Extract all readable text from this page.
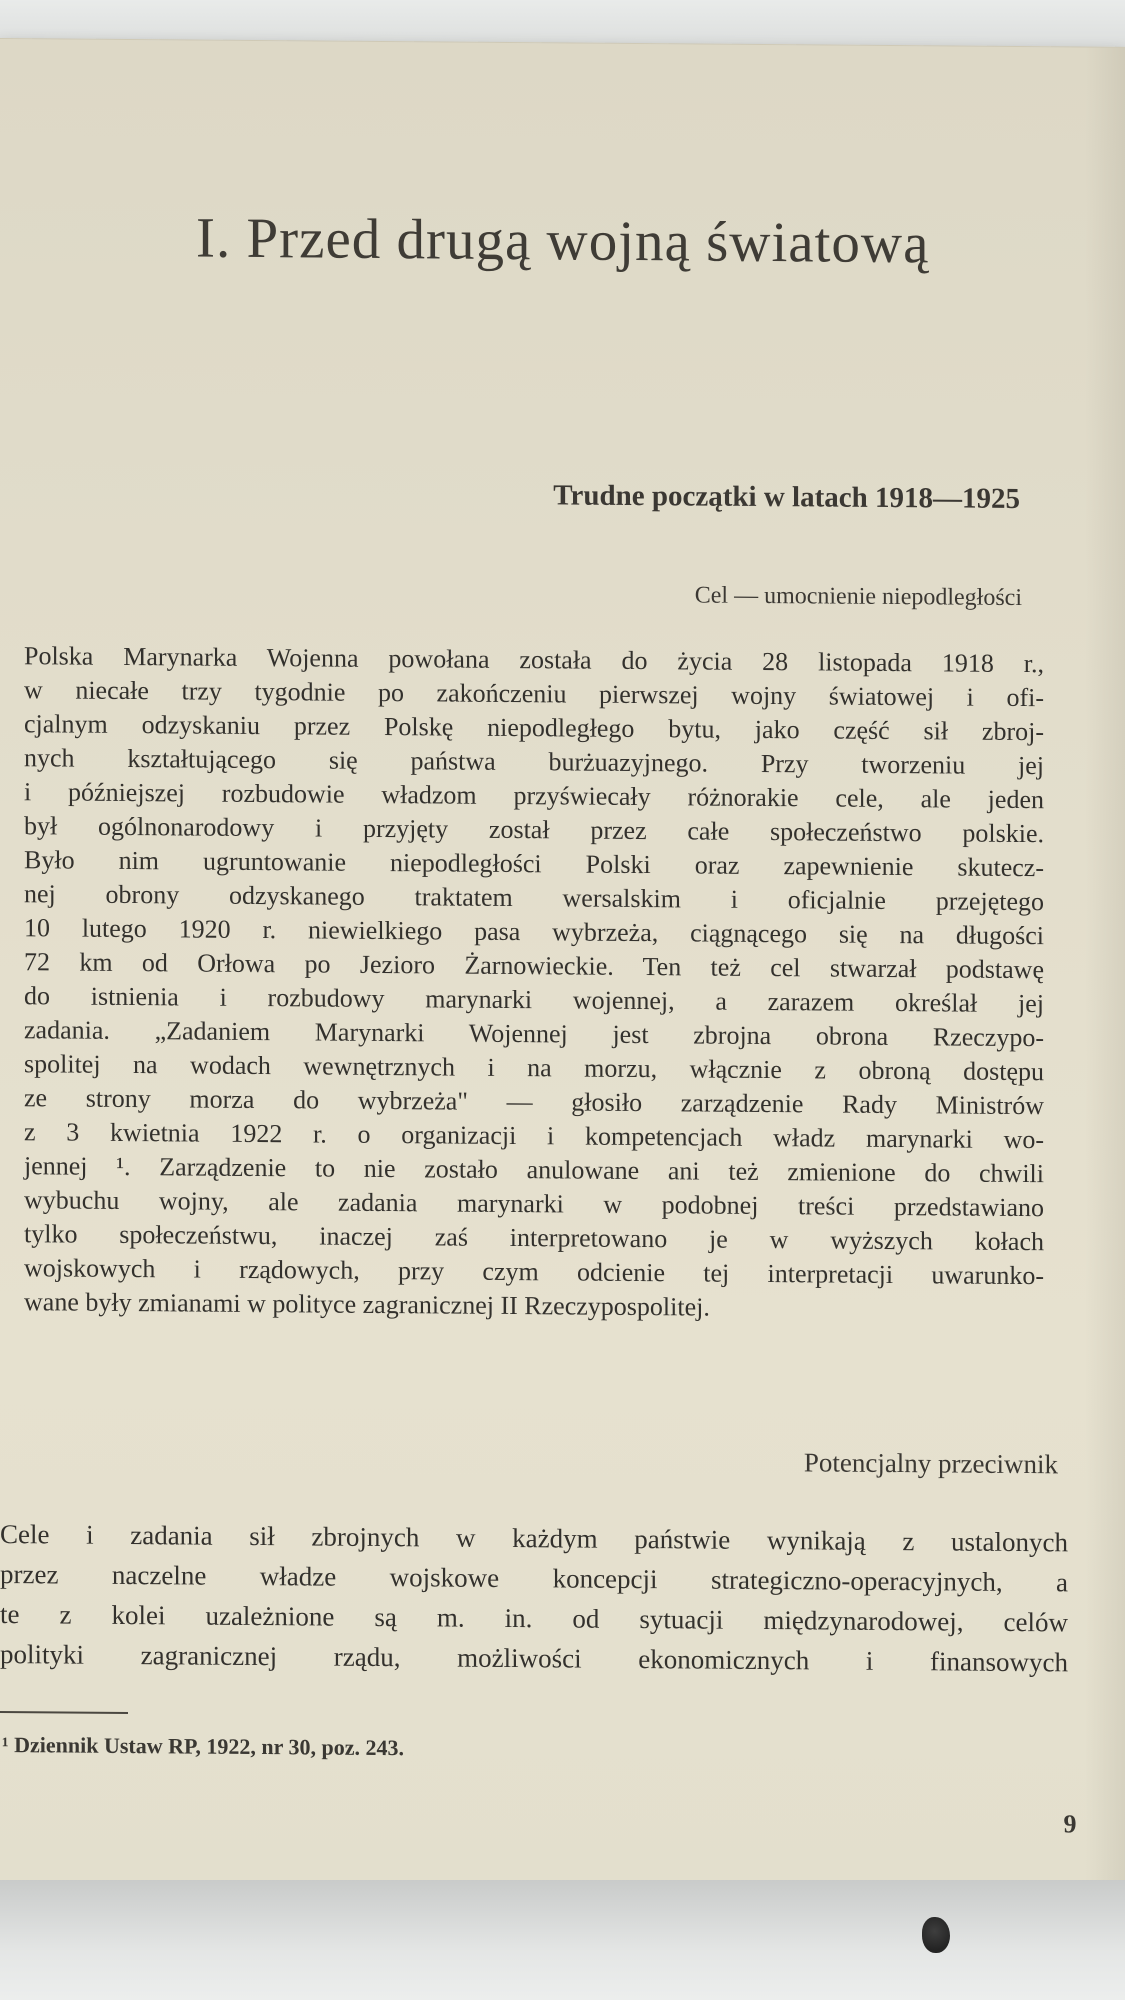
I. Przed drugą wojną światową
Trudne początki w latach 1918—1925
Cel — umocnienie niepodległości
Polska Marynarka Wojenna powołana została do życia 28 listopada 1918 r.,
w niecałe trzy tygodnie po zakończeniu pierwszej wojny światowej i ofi-
cjalnym odzyskaniu przez Polskę niepodległego bytu, jako część sił zbroj-
nych kształtującego się państwa burżuazyjnego. Przy tworzeniu jej
i późniejszej rozbudowie władzom przyświecały różnorakie cele, ale jeden
był ogólnonarodowy i przyjęty został przez całe społeczeństwo polskie.
Było nim ugruntowanie niepodległości Polski oraz zapewnienie skutecz-
nej obrony odzyskanego traktatem wersalskim i oficjalnie przejętego
10 lutego 1920 r. niewielkiego pasa wybrzeża, ciągnącego się na długości
72 km od Orłowa po Jezioro Żarnowieckie. Ten też cel stwarzał podstawę
do istnienia i rozbudowy marynarki wojennej, a zarazem określał jej
zadania. „Zadaniem Marynarki Wojennej jest zbrojna obrona Rzeczypo-
spolitej na wodach wewnętrznych i na morzu, włącznie z obroną dostępu
ze strony morza do wybrzeża" — głosiło zarządzenie Rady Ministrów
z 3 kwietnia 1922 r. o organizacji i kompetencjach władz marynarki wo-
jennej ¹. Zarządzenie to nie zostało anulowane ani też zmienione do chwili
wybuchu wojny, ale zadania marynarki w podobnej treści przedstawiano
tylko społeczeństwu, inaczej zaś interpretowano je w wyższych kołach
wojskowych i rządowych, przy czym odcienie tej interpretacji uwarunko-
wane były zmianami w polityce zagranicznej II Rzeczypospolitej.
Potencjalny przeciwnik
Cele i zadania sił zbrojnych w każdym państwie wynikają z ustalonych
przez naczelne władze wojskowe koncepcji strategiczno-operacyjnych, a
te z kolei uzależnione są m. in. od sytuacji międzynarodowej, celów
polityki zagranicznej rządu, możliwości ekonomicznych i finansowych
¹ Dziennik Ustaw RP, 1922, nr 30, poz. 243.
9
